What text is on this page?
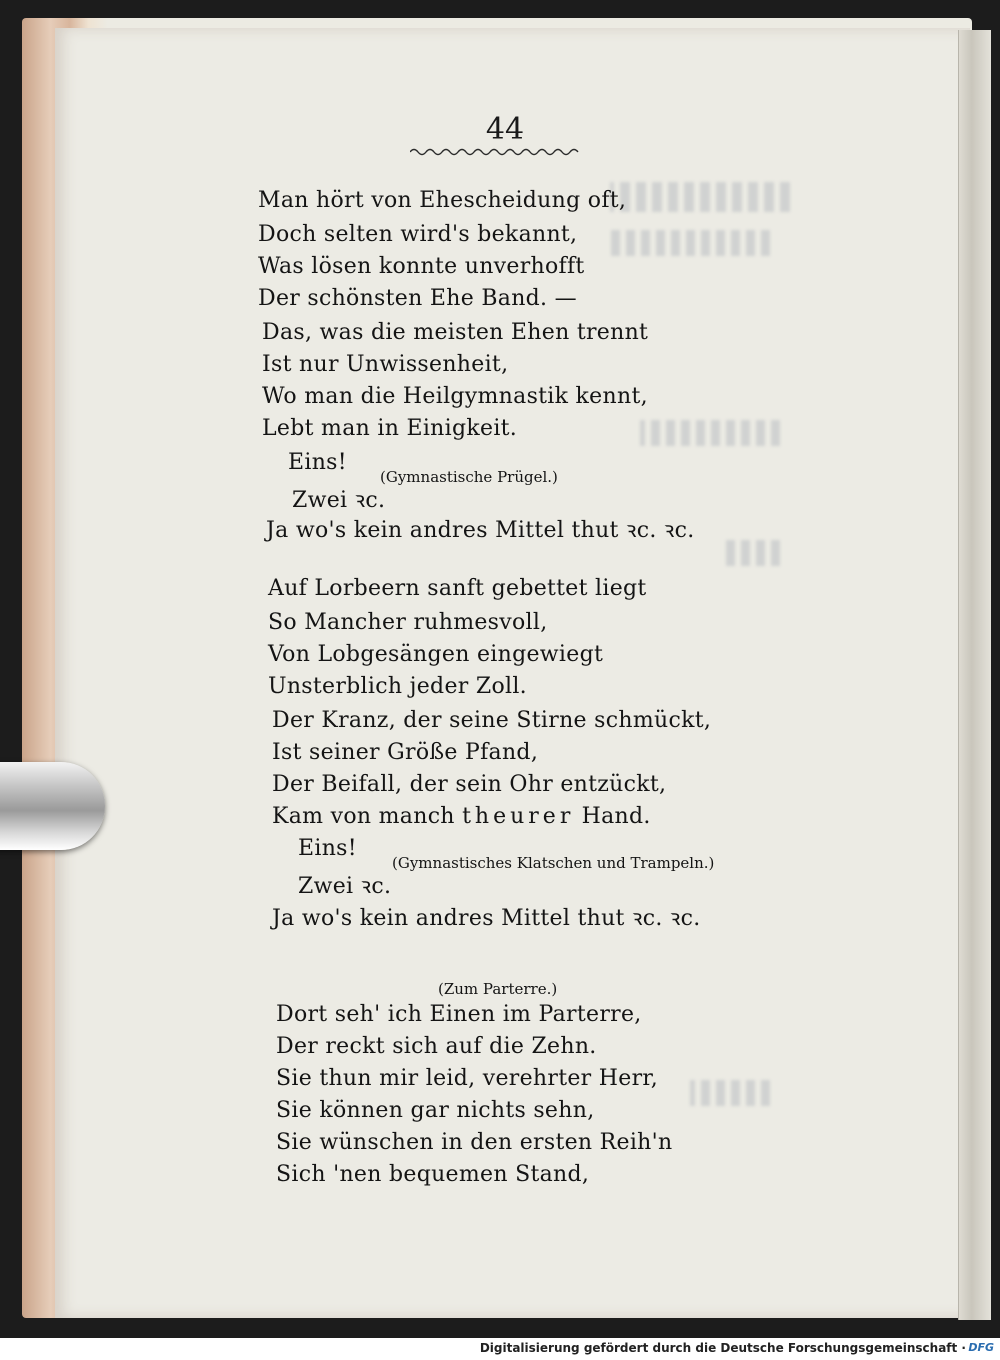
44
Man hört von Ehescheidung oft,
Doch selten wird's bekannt,
Was lösen konnte unverhofft
Der schönsten Ehe Band. —
Das, was die meisten Ehen trennt
Ist nur Unwissenheit,
Wo man die Heilgymnastik kennt,
Lebt man in Einigkeit.
Eins!
(Gymnastische Prügel.)
Zwei ꝛc.
Ja wo's kein andres Mittel thut ꝛc. ꝛc.
Auf Lorbeern sanft gebettet liegt
So Mancher ruhmesvoll,
Von Lobgesängen eingewiegt
Unsterblich jeder Zoll.
Der Kranz, der seine Stirne schmückt,
Ist seiner Größe Pfand,
Der Beifall, der sein Ohr entzückt,
Kam von manch theurer Hand.
Eins!
(Gymnastisches Klatschen und Trampeln.)
Zwei ꝛc.
Ja wo's kein andres Mittel thut ꝛc. ꝛc.
(Zum Parterre.)
Dort seh' ich Einen im Parterre,
Der reckt sich auf die Zehn.
Sie thun mir leid, verehrter Herr,
Sie können gar nichts sehn,
Sie wünschen in den ersten Reih'n
Sich 'nen bequemen Stand,
Digitalisierung gefördert durch die Deutsche Forschungsgemeinschaft · DFG
